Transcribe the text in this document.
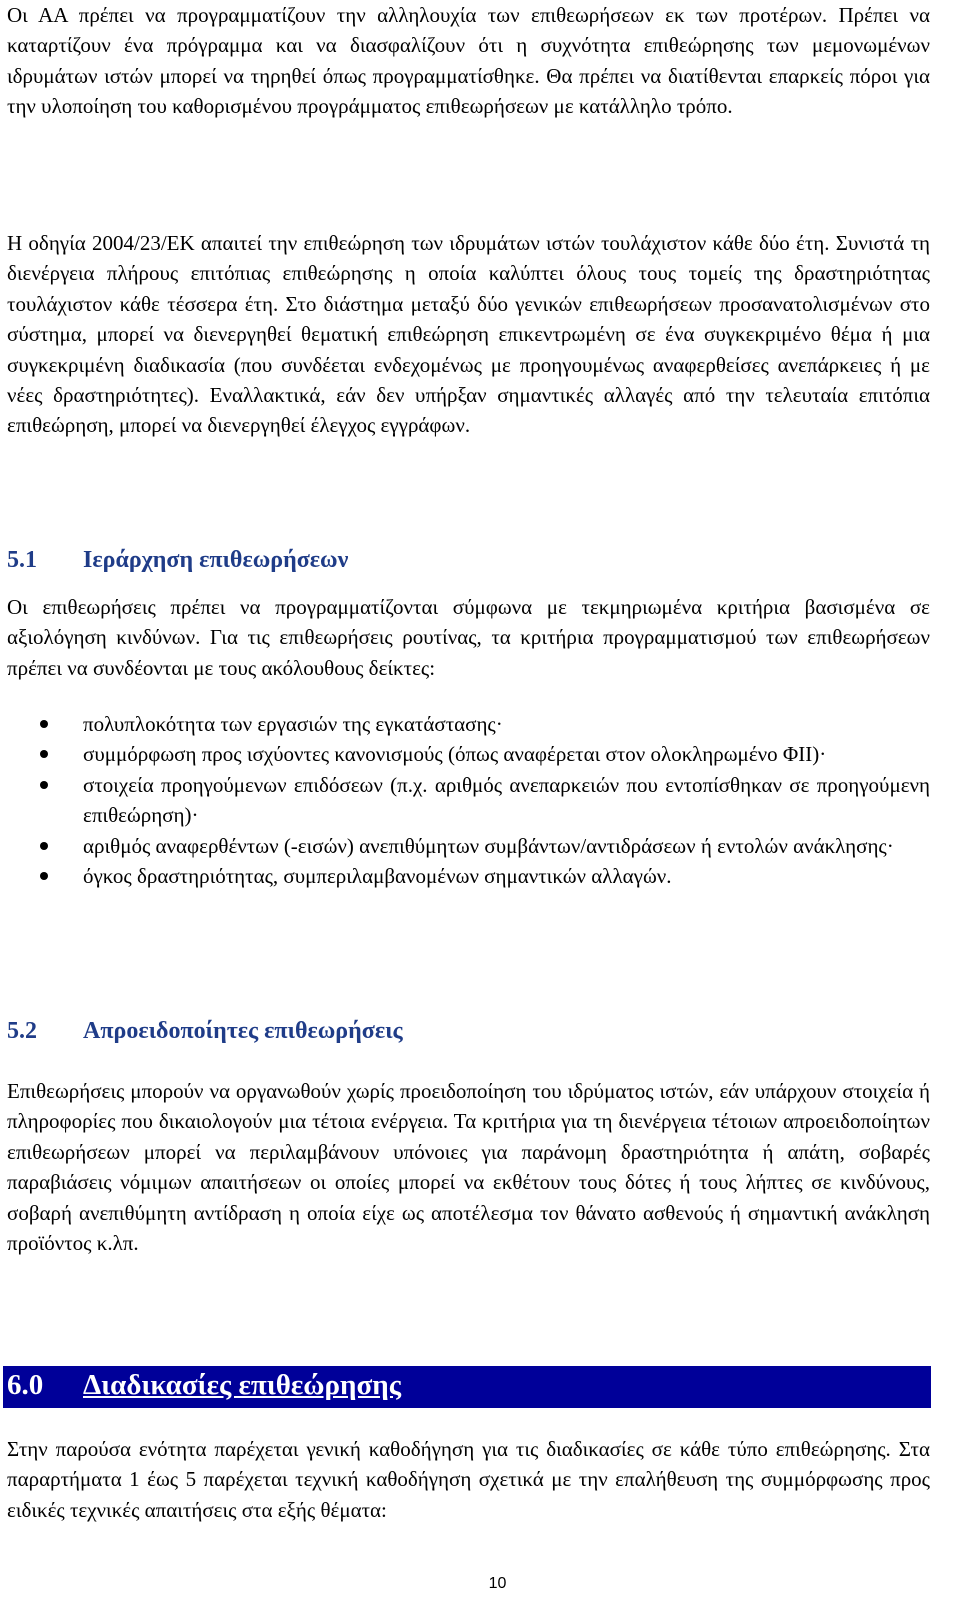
Οι ΑΑ πρέπει να προγραμματίζουν την αλληλουχία των επιθεωρήσεων εκ των προτέρων. Πρέπει να καταρτίζουν ένα πρόγραμμα και να διασφαλίζουν ότι η συχνότητα επιθεώρησης των μεμονωμένων ιδρυμάτων ιστών μπορεί να τηρηθεί όπως προγραμματίσθηκε. Θα πρέπει να διατίθενται επαρκείς πόροι για την υλοποίηση του καθορισμένου προγράμματος επιθεωρήσεων με κατάλληλο τρόπο.

Η οδηγία 2004/23/ΕΚ απαιτεί την επιθεώρηση των ιδρυμάτων ιστών τουλάχιστον κάθε δύο έτη. Συνιστά τη διενέργεια πλήρους επιτόπιας επιθεώρησης η οποία καλύπτει όλους τους τομείς της δραστηριότητας τουλάχιστον κάθε τέσσερα έτη. Στο διάστημα μεταξύ δύο γενικών επιθεωρήσεων προσανατολισμένων στο σύστημα, μπορεί να διενεργηθεί θεματική επιθεώρηση επικεντρωμένη σε ένα συγκεκριμένο θέμα ή μια συγκεκριμένη διαδικασία (που συνδέεται ενδεχομένως με προηγουμένως αναφερθείσες ανεπάρκειες ή με νέες δραστηριότητες). Εναλλακτικά, εάν δεν υπήρξαν σημαντικές αλλαγές από την τελευταία επιτόπια επιθεώρηση, μπορεί να διενεργηθεί έλεγχος εγγράφων.

5.1 Ιεράρχηση επιθεωρήσεων

Οι επιθεωρήσεις πρέπει να προγραμματίζονται σύμφωνα με τεκμηριωμένα κριτήρια βασισμένα σε αξιολόγηση κινδύνων. Για τις επιθεωρήσεις ρουτίνας, τα κριτήρια προγραμματισμού των επιθεωρήσεων πρέπει να συνδέονται με τους ακόλουθους δείκτες:

πολυπλοκότητα των εργασιών της εγκατάστασης·
συμμόρφωση προς ισχύοντες κανονισμούς (όπως αναφέρεται στον ολοκληρωμένο ΦΙΙ)·
στοιχεία προηγούμενων επιδόσεων (π.χ. αριθμός ανεπαρκειών που εντοπίσθηκαν σε προηγούμενη επιθεώρηση)·
αριθμός αναφερθέντων (-εισών) ανεπιθύμητων συμβάντων/αντιδράσεων ή εντολών ανάκλησης·
όγκος δραστηριότητας, συμπεριλαμβανομένων σημαντικών αλλαγών.
5.2 Απροειδοποίητες επιθεωρήσεις

Επιθεωρήσεις μπορούν να οργανωθούν χωρίς προειδοποίηση του ιδρύματος ιστών, εάν υπάρχουν στοιχεία ή πληροφορίες που δικαιολογούν μια τέτοια ενέργεια. Τα κριτήρια για τη διενέργεια τέτοιων απροειδοποίητων επιθεωρήσεων μπορεί να περιλαμβάνουν υπόνοιες για παράνομη δραστηριότητα ή απάτη, σοβαρές παραβιάσεις νόμιμων απαιτήσεων οι οποίες μπορεί να εκθέτουν τους δότες ή τους λήπτες σε κινδύνους, σοβαρή ανεπιθύμητη αντίδραση η οποία είχε ως αποτέλεσμα τον θάνατο ασθενούς ή σημαντική ανάκληση προϊόντος κ.λπ.

6.0 Διαδικασίες επιθεώρησης

Στην παρούσα ενότητα παρέχεται γενική καθοδήγηση για τις διαδικασίες σε κάθε τύπο επιθεώρησης. Στα παραρτήματα 1 έως 5 παρέχεται τεχνική καθοδήγηση σχετικά με την επαλήθευση της συμμόρφωσης προς ειδικές τεχνικές απαιτήσεις στα εξής θέματα:

10
